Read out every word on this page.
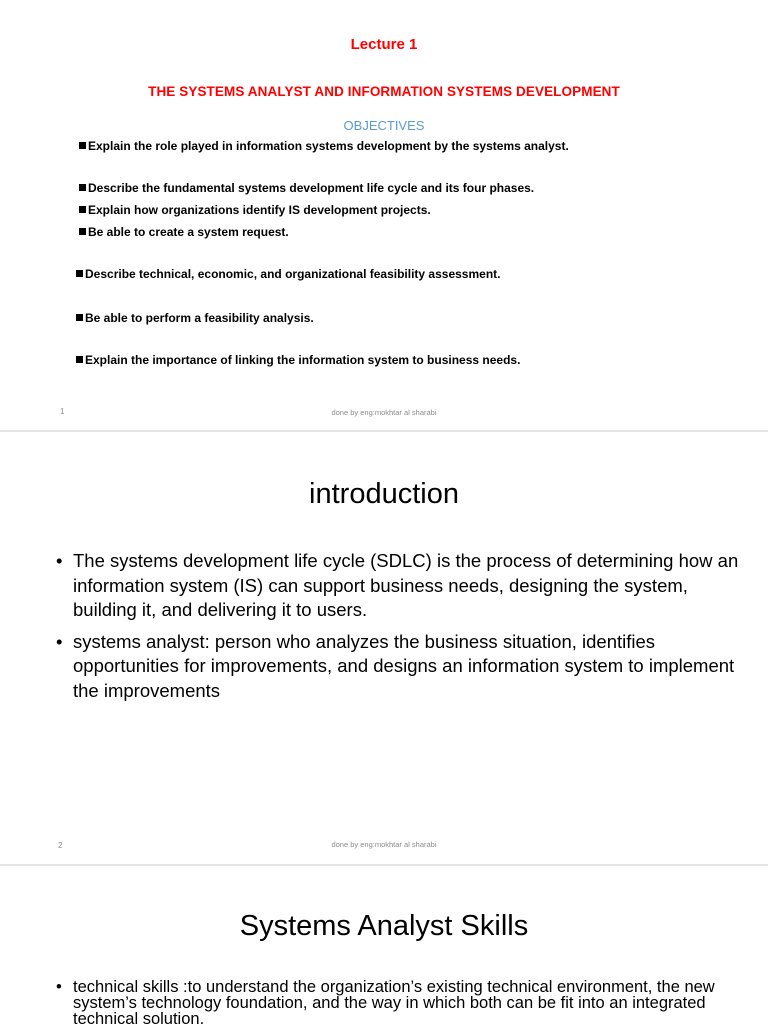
Lecture 1
THE SYSTEMS ANALYST AND INFORMATION SYSTEMS DEVELOPMENT
OBJECTIVES
Explain the role played in information systems development by the systems analyst.
Describe the fundamental systems development life cycle and its four phases.
Explain how organizations identify IS development projects.
Be able to create a system request.
Describe technical, economic, and organizational feasibility assessment.
Be able to perform a feasibility analysis.
Explain the importance of linking the information system to business needs.
1	done by eng:mokhtar al sharabi
introduction
• The systems development life cycle (SDLC) is the process of determining how an information system (IS) can support business needs, designing the system, building it, and delivering it to users.
• systems analyst: person who analyzes the business situation, identifies opportunities for improvements, and designs an information system to implement the improvements
2	done by eng:mokhtar al sharabi
Systems Analyst Skills
• technical skills :to understand the organization’s existing technical environment, the new system’s technology foundation, and the way in which both can be fit into an integrated technical solution.
